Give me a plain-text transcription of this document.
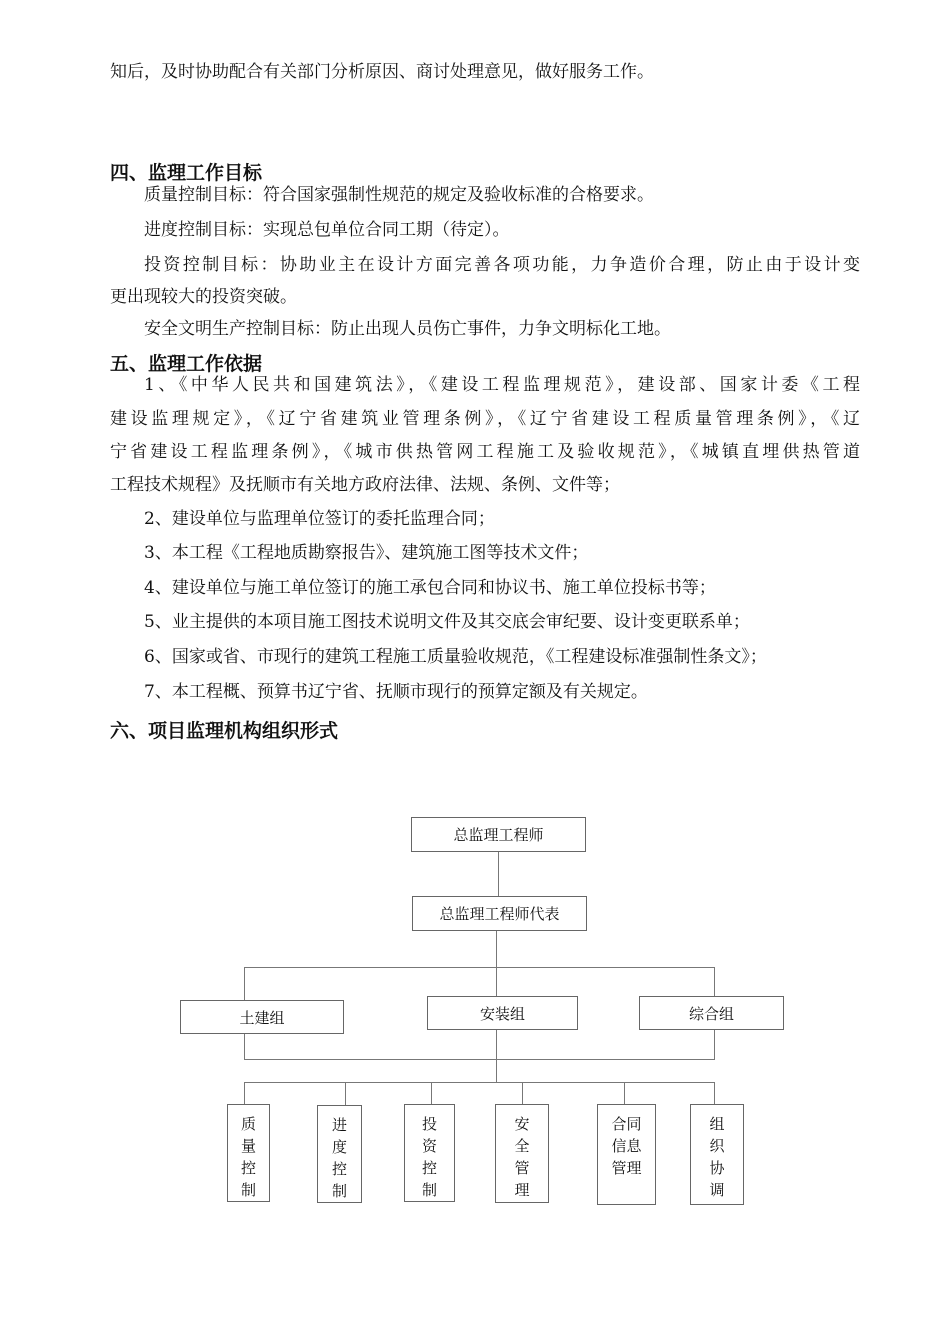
知后，及时协助配合有关部门分析原因、商讨处理意见，做好服务工作。

四、监理工作目标

质量控制目标：符合国家强制性规范的规定及验收标准的合格要求。

进度控制目标：实现总包单位合同工期（待定）。

投资控制目标：协助业主在设计方面完善各项功能，力争造价合理，防止由于设计变

更出现较大的投资突破。

安全文明生产控制目标：防止出现人员伤亡事件，力争文明标化工地。

五、监理工作依据

1、《中华人民共和国建筑法》，《建设工程监理规范》，建设部、国家计委《工程

建设监理规定》，《辽宁省建筑业管理条例》，《辽宁省建设工程质量管理条例》，《辽

宁省建设工程监理条例》，《城市供热管网工程施工及验收规范》，《城镇直埋供热管道

工程技术规程》及抚顺市有关地方政府法律、法规、条例、文件等；

2、建设单位与监理单位签订的委托监理合同；

3、本工程《工程地质勘察报告》、建筑施工图等技术文件；

4、建设单位与施工单位签订的施工承包合同和协议书、施工单位投标书等；

5、业主提供的本项目施工图技术说明文件及其交底会审纪要、设计变更联系单；

6、国家或省、市现行的建筑工程施工质量验收规范，《工程建设标准强制性条文》；

7、本工程概、预算书辽宁省、抚顺市现行的预算定额及有关规定。

六、项目监理机构组织形式
总监理工程师
总监理工程师代表
土建组	安装组	综合组
质
量
控
制
进
度
控
制
投
资
控
制
安
全
管
理
合同
信息
管理
组
织
协
调
